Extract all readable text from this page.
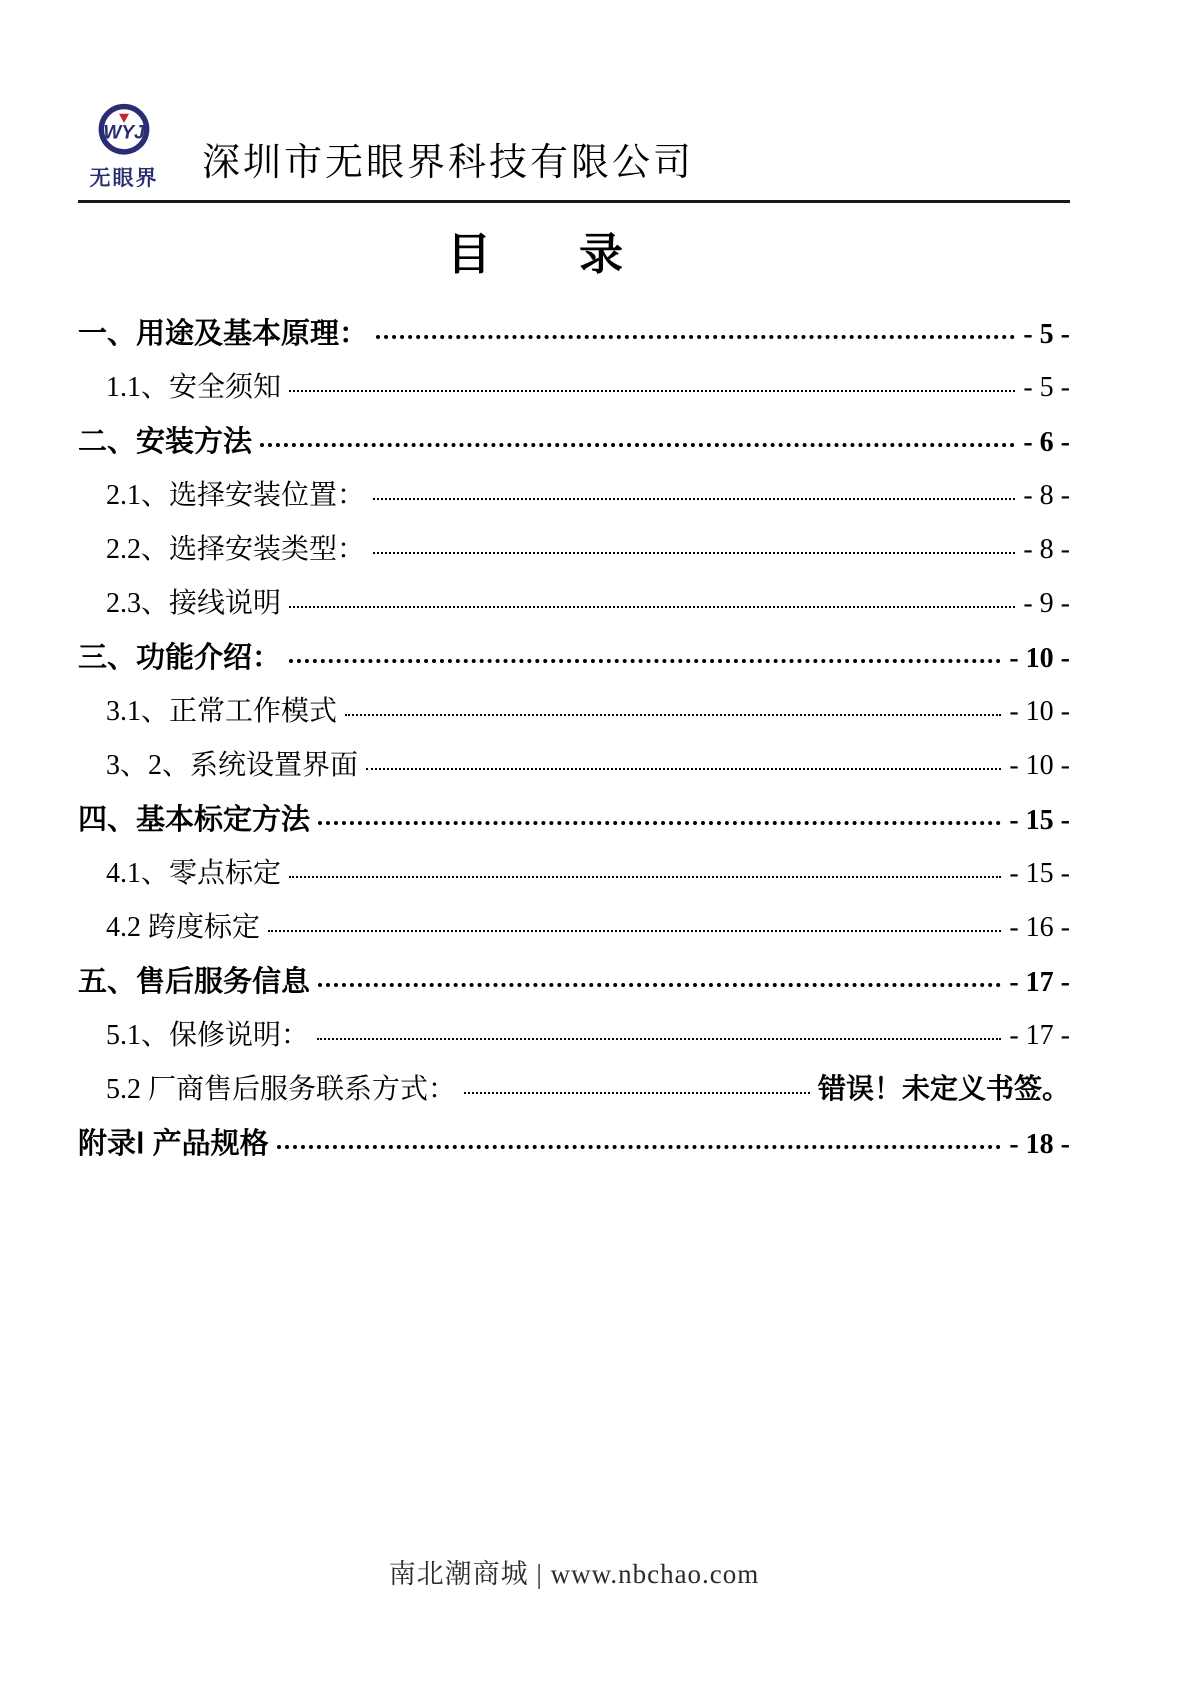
WYJ
无眼界 深圳市无眼界科技有限公司
目　　录
一、用途及基本原理：	- 5 -
1.1、安全须知	- 5 -
二、安装方法	- 6 -
2.1、选择安装位置：	- 8 -
2.2、选择安装类型：	- 8 -
2.3、接线说明	- 9 -
三、功能介绍：	- 10 -
3.1、正常工作模式	- 10 -
3、2、系统设置界面	- 10 -
四、基本标定方法	- 15 -
4.1、零点标定	- 15 -
4.2 跨度标定	- 16 -
五、售后服务信息	- 17 -
5.1、保修说明：	- 17 -
5.2 厂商售后服务联系方式：	错误！未定义书签。
附录Ⅰ 产品规格	- 18 -
南北潮商城 | www.nbchao.com
